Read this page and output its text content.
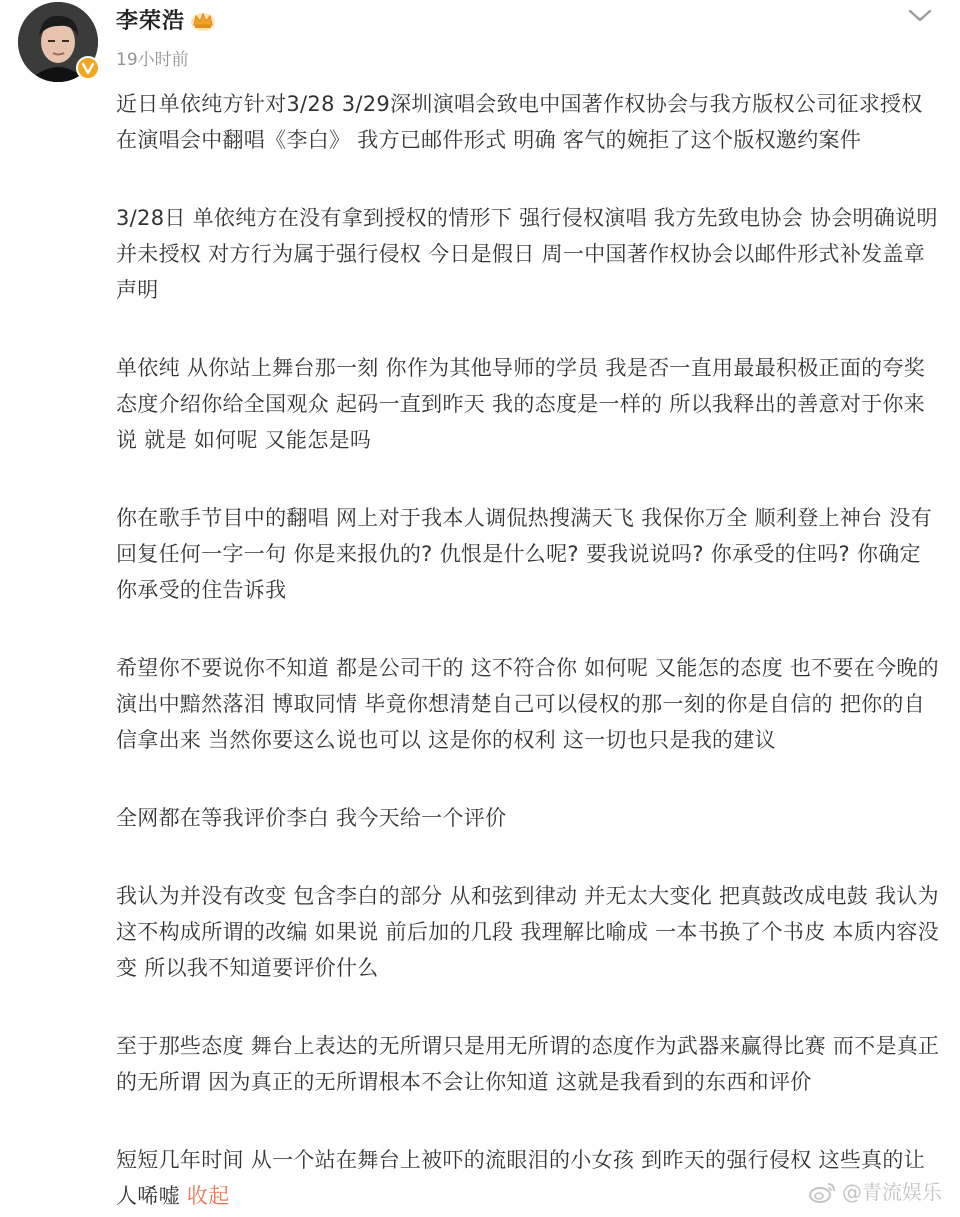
李荣浩
19小时前

近日单依纯方针对3/28 3/29深圳演唱会致电中国著作权协会与我方版权公司征求授权在演唱会中翻唱《李白》 我方已邮件形式 明确 客气的婉拒了这个版权邀约案件

3/28日 单依纯方在没有拿到授权的情形下 强行侵权演唱 我方先致电协会 协会明确说明 并未授权 对方行为属于强行侵权 今日是假日 周一中国著作权协会以邮件形式补发盖章声明

单依纯 从你站上舞台那一刻 你作为其他导师的学员 我是否一直用最最积极正面的夸奖态度介绍你给全国观众 起码一直到昨天 我的态度是一样的 所以我释出的善意对于你来说 就是 如何呢 又能怎是吗

你在歌手节目中的翻唱 网上对于我本人调侃热搜满天飞 我保你万全 顺利登上神台 没有回复任何一字一句 你是来报仇的? 仇恨是什么呢? 要我说说吗? 你承受的住吗? 你确定你承受的住告诉我

希望你不要说你不知道 都是公司干的 这不符合你 如何呢 又能怎的态度 也不要在今晚的演出中黯然落泪 博取同情 毕竟你想清楚自己可以侵权的那一刻的你是自信的 把你的自信拿出来 当然你要这么说也可以 这是你的权利 这一切也只是我的建议

全网都在等我评价李白 我今天给一个评价

我认为并没有改变 包含李白的部分 从和弦到律动 并无太大变化 把真鼓改成电鼓 我认为这不构成所谓的改编 如果说 前后加的几段 我理解比喻成 一本书换了个书皮 本质内容没变 所以我不知道要评价什么

至于那些态度 舞台上表达的无所谓只是用无所谓的态度作为武器来赢得比赛 而不是真正的无所谓 因为真正的无所谓根本不会让你知道 这就是我看到的东西和评价

短短几年时间 从一个站在舞台上被吓的流眼泪的小女孩 到昨天的强行侵权 这些真的让人唏嘘 收起	@青流娱乐
